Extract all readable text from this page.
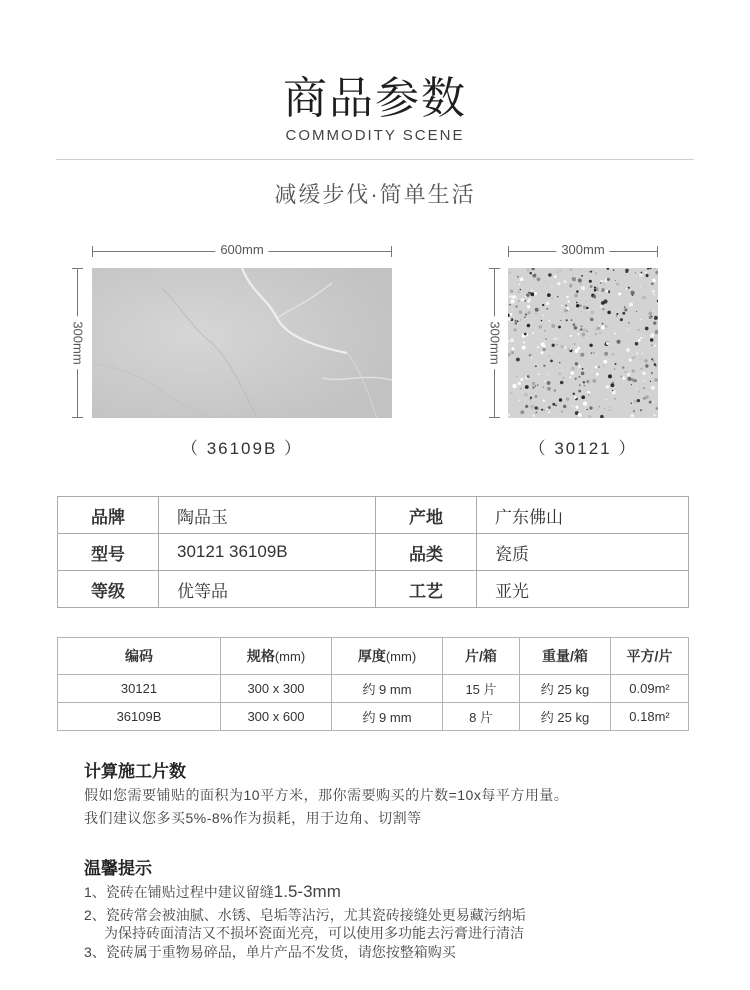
商品参数
COMMODITY SCENE
减缓步伐·简单生活
600mm
300mm
（ 36109B ）
300mm
300mm
（ 30121 ）
品牌	陶品玉	产地	广东佛山
型号	30121 36109B	品类	瓷质
等级	优等品	工艺	亚光
编码	规格(mm)	厚度(mm)	片/箱	重量/箱	平方/片
30121	300 x 300	约 9 mm	15 片	约 25 kg	0.09m²
36109B	300 x 600	约 9 mm	8 片	约 25 kg	0.18m²
计算施工片数
假如您需要铺贴的面积为10平方米，那你需要购买的片数=10x每平方用量。
我们建议您多买5%-8%作为损耗，用于边角、切割等
温馨提示
1、瓷砖在铺贴过程中建议留缝1.5-3mm
2、瓷砖常会被油腻、水锈、皂垢等沾污，尤其瓷砖接缝处更易藏污纳垢
为保持砖面清洁又不损坏瓷面光亮，可以使用多功能去污膏进行清洁
3、瓷砖属于重物易碎品，单片产品不发货，请您按整箱购买
